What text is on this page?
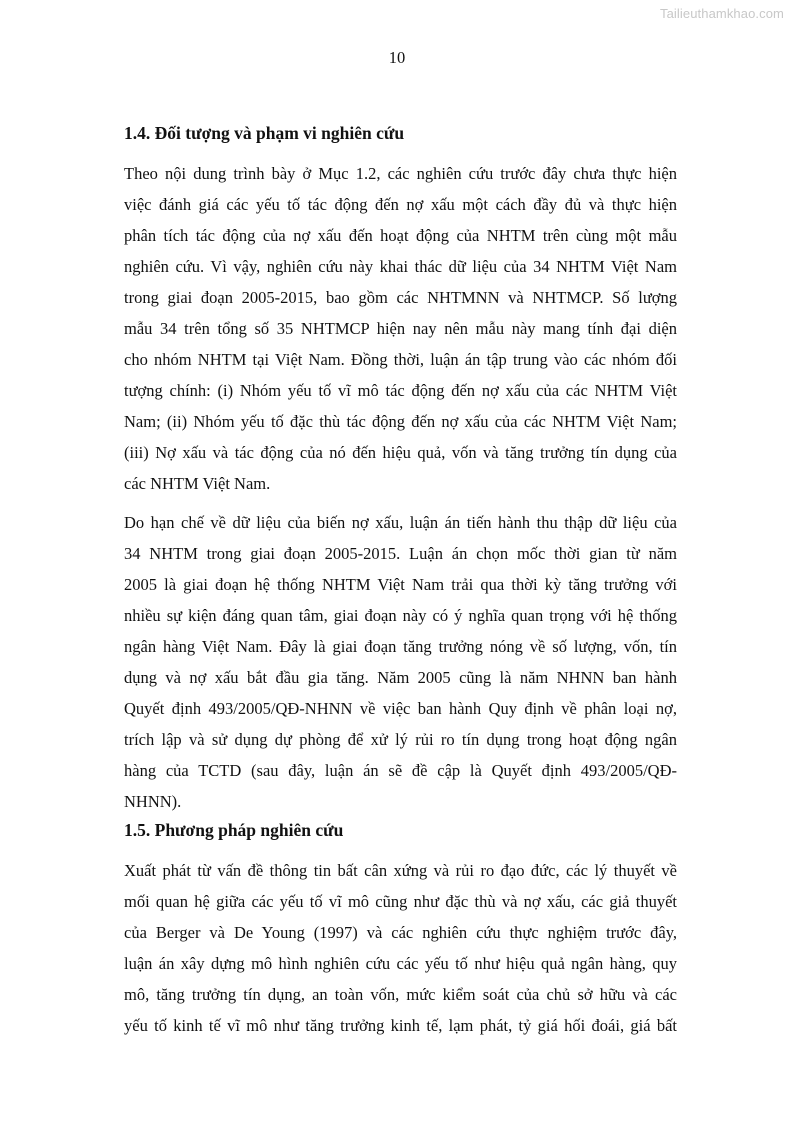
Tailieuthamkhao.com
10
1.4. Đối tượng và phạm vi nghiên cứu
Theo nội dung trình bày ở Mục 1.2, các nghiên cứu trước đây chưa thực hiện
việc đánh giá các yếu tố tác động đến nợ xấu một cách đầy đủ và thực hiện
phân tích tác động của nợ xấu đến hoạt động của NHTM trên cùng một mẫu
nghiên cứu. Vì vậy, nghiên cứu này khai thác dữ liệu của 34 NHTM Việt Nam
trong giai đoạn 2005-2015, bao gồm các NHTMNN và NHTMCP. Số lượng
mẫu 34 trên tổng số 35 NHTMCP hiện nay nên mẫu này mang tính đại diện
cho nhóm NHTM tại Việt Nam. Đồng thời, luận án tập trung vào các nhóm đối
tượng chính: (i) Nhóm yếu tố vĩ mô tác động đến nợ xấu của các NHTM Việt
Nam; (ii) Nhóm yếu tố đặc thù tác động đến nợ xấu của các NHTM Việt Nam;
(iii) Nợ xấu và tác động của nó đến hiệu quả, vốn và tăng trưởng tín dụng của
các NHTM Việt Nam.
Do hạn chế về dữ liệu của biến nợ xấu, luận án tiến hành thu thập dữ liệu của
34 NHTM trong giai đoạn 2005-2015. Luận án chọn mốc thời gian từ năm
2005 là giai đoạn hệ thống NHTM Việt Nam trải qua thời kỳ tăng trưởng với
nhiều sự kiện đáng quan tâm, giai đoạn này có ý nghĩa quan trọng với hệ thống
ngân hàng Việt Nam. Đây là giai đoạn tăng trưởng nóng về số lượng, vốn, tín
dụng và nợ xấu bắt đầu gia tăng. Năm 2005 cũng là năm NHNN ban hành
Quyết định 493/2005/QĐ-NHNN về việc ban hành Quy định về phân loại nợ,
trích lập và sử dụng dự phòng để xử lý rủi ro tín dụng trong hoạt động ngân
hàng của TCTD (sau đây, luận án sẽ đề cập là Quyết định 493/2005/QĐ-
NHNN).
1.5. Phương pháp nghiên cứu
Xuất phát từ vấn đề thông tin bất cân xứng và rủi ro đạo đức, các lý thuyết về
mối quan hệ giữa các yếu tố vĩ mô cũng như đặc thù và nợ xấu, các giả thuyết
của Berger và De Young (1997) và các nghiên cứu thực nghiệm trước đây,
luận án xây dựng mô hình nghiên cứu các yếu tố như hiệu quả ngân hàng, quy
mô, tăng trưởng tín dụng, an toàn vốn, mức kiểm soát của chủ sở hữu và các
yếu tố kinh tế vĩ mô như tăng trưởng kinh tế, lạm phát, tỷ giá hối đoái, giá bất
